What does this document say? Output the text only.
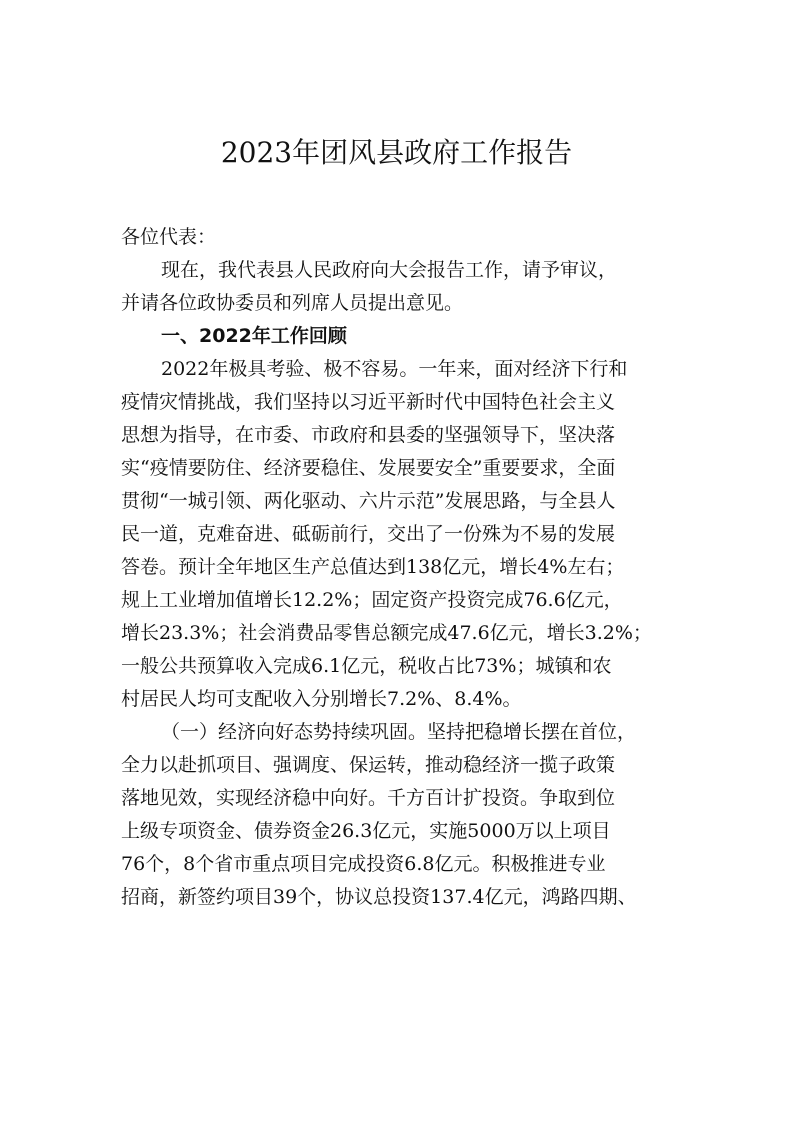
2023年团风县政府工作报告
各位代表：
现在，我代表县人民政府向大会报告工作，请予审议，
并请各位政协委员和列席人员提出意见。
一、2022年工作回顾
2022年极具考验、极不容易。一年来，面对经济下行和
疫情灾情挑战，我们坚持以习近平新时代中国特色社会主义
思想为指导，在市委、市政府和县委的坚强领导下，坚决落
实“疫情要防住、经济要稳住、发展要安全”重要要求，全面
贯彻“一城引领、两化驱动、六片示范”发展思路，与全县人
民一道，克难奋进、砥砺前行，交出了一份殊为不易的发展
答卷。预计全年地区生产总值达到138亿元，增长4%左右；
规上工业增加值增长12.2%；固定资产投资完成76.6亿元，
增长23.3%；社会消费品零售总额完成47.6亿元，增长3.2%；
一般公共预算收入完成6.1亿元，税收占比73%；城镇和农
村居民人均可支配收入分别增长7.2%、8.4%。
（一）经济向好态势持续巩固。坚持把稳增长摆在首位，
全力以赴抓项目、强调度、保运转，推动稳经济一揽子政策
落地见效，实现经济稳中向好。千方百计扩投资。争取到位
上级专项资金、债券资金26.3亿元，实施5000万以上项目
76个，8个省市重点项目完成投资6.8亿元。积极推进专业
招商，新签约项目39个，协议总投资137.4亿元，鸿路四期、
